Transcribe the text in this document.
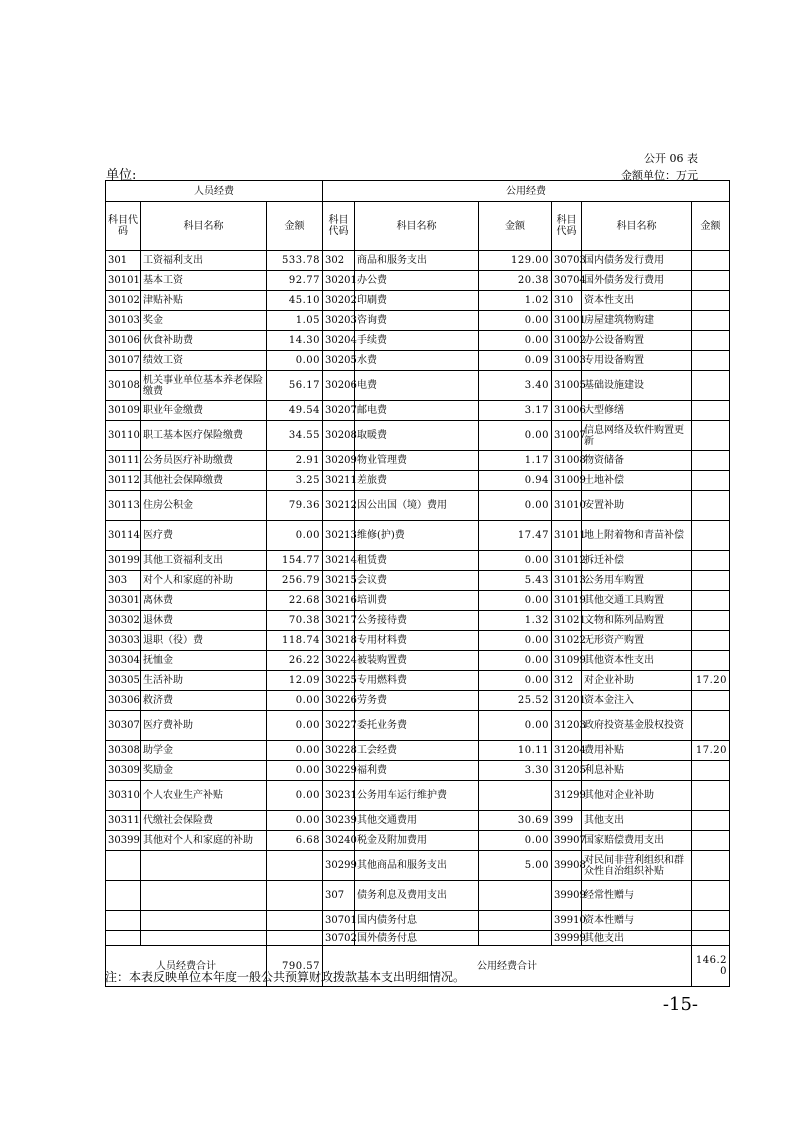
公开 06 表
单位:	金额单位：万元
人员经费			公用经费					
科目代码	科目名称	金额	科目代码	科目名称	金额	科目代码	科目名称	金额
301	工资福利支出	533.78	302	商品和服务支出	129.00	30703	国内债务发行费用	
30101	基本工资	92.77	30201	办公费	20.38	30704	国外债务发行费用	
30102	津贴补贴	45.10	30202	印刷费	1.02	310	资本性支出	
30103	奖金	1.05	30203	咨询费	0.00	31001	房屋建筑物购建	
30106	伙食补助费	14.30	30204	手续费	0.00	31002	办公设备购置	
30107	绩效工资	0.00	30205	水费	0.09	31003	专用设备购置	
30108	机关事业单位基本养老保险缴费	56.17	30206	电费	3.40	31005	基础设施建设	
30109	职业年金缴费	49.54	30207	邮电费	3.17	31006	大型修缮	
30110	职工基本医疗保险缴费	34.55	30208	取暖费	0.00	31007	信息网络及软件购置更新	
30111	公务员医疗补助缴费	2.91	30209	物业管理费	1.17	31008	物资储备	
30112	其他社会保障缴费	3.25	30211	差旅费	0.94	31009	土地补偿	
30113	住房公积金	79.36	30212	因公出国（境）费用	0.00	31010	安置补助	
30114	医疗费	0.00	30213	维修(护)费	17.47	31011	地上附着物和青苗补偿	
30199	其他工资福利支出	154.77	30214	租赁费	0.00	31012	拆迁补偿	
303	对个人和家庭的补助	256.79	30215	会议费	5.43	31013	公务用车购置	
30301	离休费	22.68	30216	培训费	0.00	31019	其他交通工具购置	
30302	退休费	70.38	30217	公务接待费	1.32	31021	文物和陈列品购置	
30303	退职（役）费	118.74	30218	专用材料费	0.00	31022	无形资产购置	
30304	抚恤金	26.22	30224	被装购置费	0.00	31099	其他资本性支出	
30305	生活补助	12.09	30225	专用燃料费	0.00	312	对企业补助	17.20
30306	救济费	0.00	30226	劳务费	25.52	31201	资本金注入	
30307	医疗费补助	0.00	30227	委托业务费	0.00	31203	政府投资基金股权投资	
30308	助学金	0.00	30228	工会经费	10.11	31204	费用补贴	17.20
30309	奖励金	0.00	30229	福利费	3.30	31205	利息补贴	
30310	个人农业生产补贴	0.00	30231	公务用车运行维护费		31299	其他对企业补助	
30311	代缴社会保险费	0.00	30239	其他交通费用	30.69	399	其他支出	
30399	其他对个人和家庭的补助	6.68	30240	税金及附加费用	0.00	39907	国家赔偿费用支出	
			30299	其他商品和服务支出	5.00	39908	对民间非营利组织和群众性自治组织补贴	
			307	债务利息及费用支出		39909	经常性赠与	
			30701	国内债务付息		39910	资本性赠与	
			30702	国外债务付息		39999	其他支出	
人员经费合计		790.57	公用经费合计					146.20
注：本表反映单位本年度一般公共预算财政拨款基本支出明细情况。
-15-
